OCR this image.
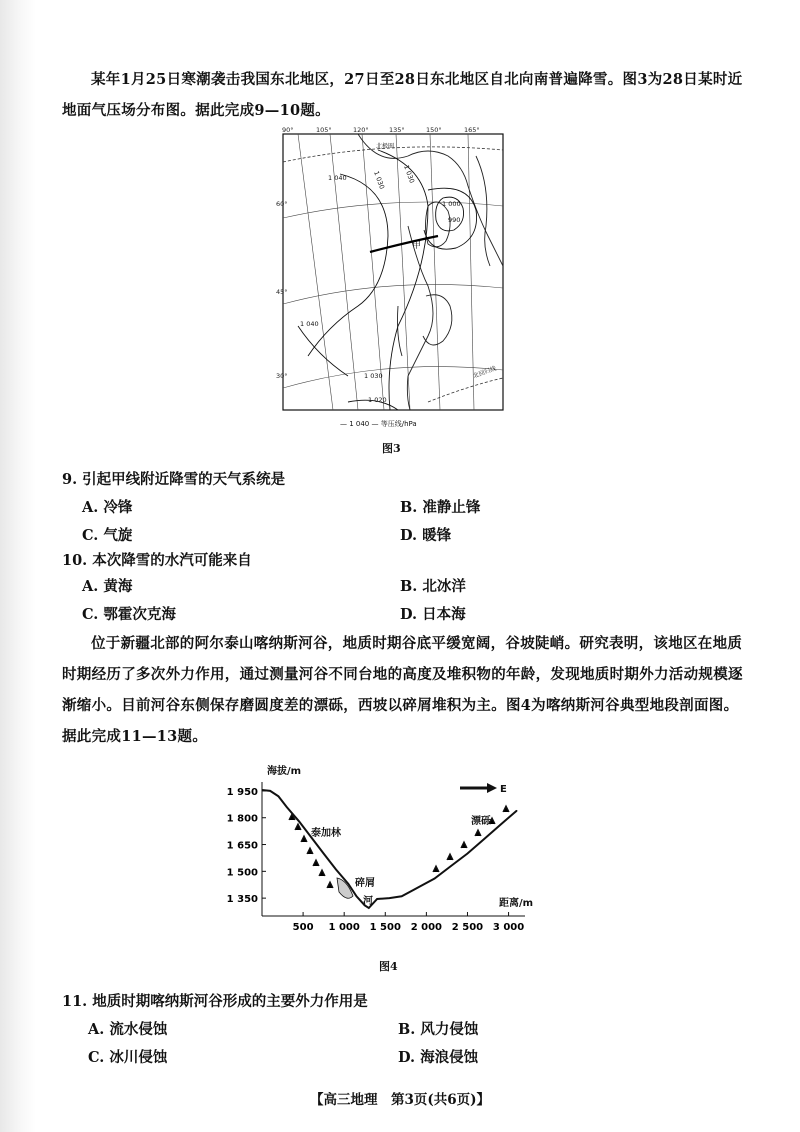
某年1月25日寒潮袭击我国东北地区，27日至28日东北地区自北向南普遍降雪。图3为28日某时近地面气压场分布图。据此完成9—10题。

90°	105°	120°	135°	150°	165°
60°
45°
30°
北极圈
北回归线
甲
1 040	1 030
1 000
990
1 040
1 030
1 020
1 030
— 1 040 — 等压线/hPa
图3

9. 引起甲线附近降雪的天气系统是

A. 冷锋	B. 准静止锋
C. 气旋	D. 暖锋

10. 本次降雪的水汽可能来自

A. 黄海	B. 北冰洋
C. 鄂霍次克海	D. 日本海

位于新疆北部的阿尔泰山喀纳斯河谷，地质时期谷底平缓宽阔，谷坡陡峭。研究表明，该地区在地质时期经历了多次外力作用，通过测量河谷不同台地的高度及堆积物的年龄，发现地质时期外力活动规模逐渐缩小。目前河谷东侧保存磨圆度差的漂砾，西坡以碎屑堆积为主。图4为喀纳斯河谷典型地段剖面图。据此完成11—13题。

海拔/m
距离/m
E
1 950
1 800
1 650
1 500
1 350
500 1 000 1 500 2 000 2 500 3 000
泰加林
碎屑
河
漂砾
图4

11. 地质时期喀纳斯河谷形成的主要外力作用是

A. 流水侵蚀	B. 风力侵蚀
C. 冰川侵蚀	D. 海浪侵蚀
【高三地理　第3页(共6页)】
